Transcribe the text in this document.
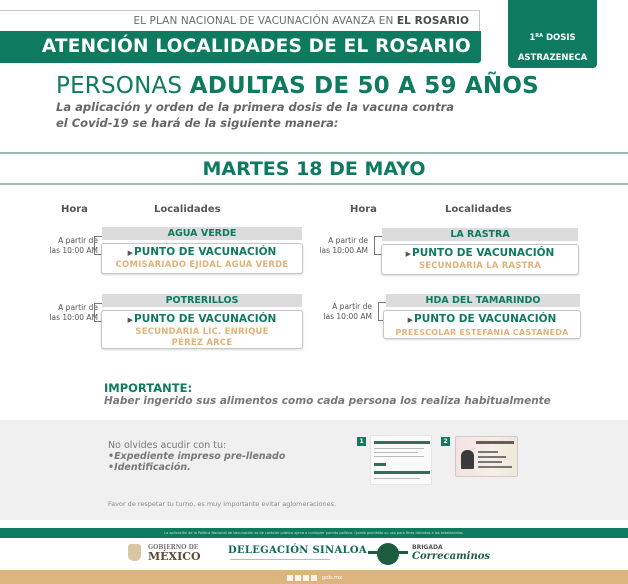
EL PLAN NACIONAL DE VACUNACIÓN AVANZA EN EL ROSARIO
ATENCIÓN LOCALIDADES DE EL ROSARIO	$1^{RA}$ DOSIS
ASTRAZENECA
PERSONAS ADULTAS DE 50 A 59 AÑOS
La aplicación y orden de la primera dosis de la vacuna contra
el Covid-19 se hará de la siguiente manera:
MARTES 18 DE MAYO
Hora	Localidades	Hora	Localidades
A partir de
las 10:00 AM
AGUA VERDE
▶PUNTO DE VACUNACIÓN
COMISARIADO EJIDAL AGUA VERDE
A partir de
las 10:00 AM
LA RASTRA
▶PUNTO DE VACUNACIÓN
SECUNDARIA LA RASTRA
A partir de
las 10:00 AM
POTRERILLOS
▶PUNTO DE VACUNACIÓN
SECUNDARIA LIC. ENRIQUE
PÉREZ ARCE
A partir de
las 10:00 AM
HDA DEL TAMARINDO
▶PUNTO DE VACUNACIÓN
PREESCOLAR ESTEFANIA CASTAÑEDA
IMPORTANTE:
Haber ingerido sus alimentos como cada persona los realiza habitualmente
No olvides acudir con tu:
•Expediente impreso pre-llenado
•Identificación.
Favor de respetar tu turno, es muy importante evitar aglomeraciones.
1	2
La aplicación de la Política Nacional de Vacunación es de carácter público ajena a cualquier partido político. Queda prohibido su uso para fines distintos a los establecidos.
GOBIERNO DE
MÉXICO	DELEGACIÓN SINALOA	BRIGADA
Correcaminos
gob.mx
